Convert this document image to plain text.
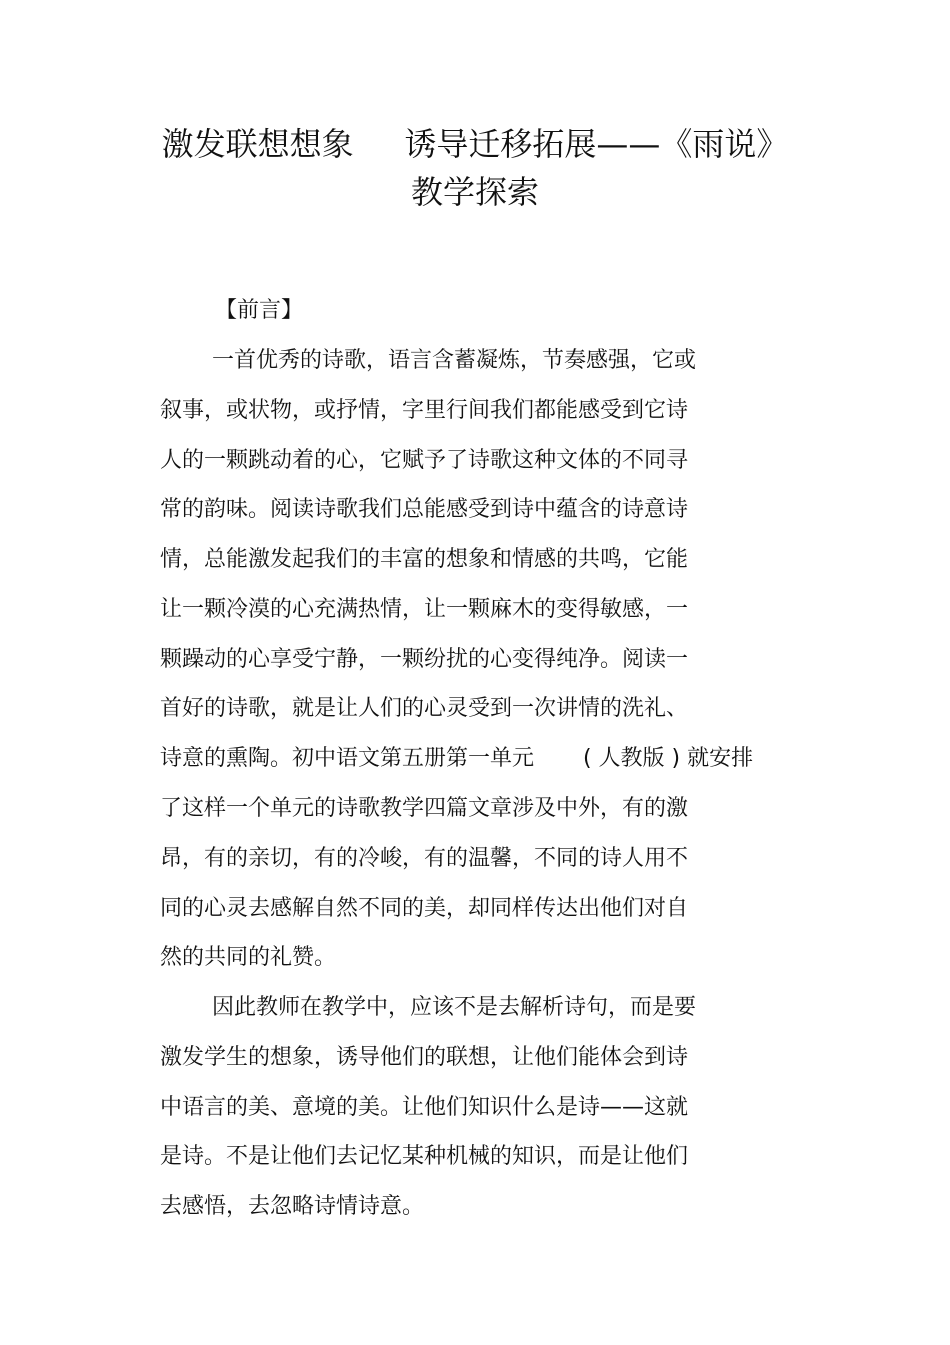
激发联想想象     诱导迁移拓展——《雨说》
教学探索
【前言】
一首优秀的诗歌，语言含蓄凝炼，节奏感强，它或
叙事，或状物，或抒情，字里行间我们都能感受到它诗
人的一颗跳动着的心，它赋予了诗歌这种文体的不同寻
常的韵味。阅读诗歌我们总能感受到诗中蕴含的诗意诗
情，总能激发起我们的丰富的想象和情感的共鸣，它能
让一颗冷漠的心充满热情，让一颗麻木的变得敏感，一
颗躁动的心享受宁静，一颗纷扰的心变得纯净。阅读一
首好的诗歌，就是让人们的心灵受到一次讲情的洗礼、
诗意的熏陶。初中语文第五册第一单元       ( 人教版 ) 就安排
了这样一个单元的诗歌教学四篇文章涉及中外，有的激
昂，有的亲切，有的冷峻，有的温馨，不同的诗人用不
同的心灵去感解自然不同的美，却同样传达出他们对自
然的共同的礼赞。
因此教师在教学中，应该不是去解析诗句，而是要
激发学生的想象，诱导他们的联想，让他们能体会到诗
中语言的美、意境的美。让他们知识什么是诗——这就
是诗。不是让他们去记忆某种机械的知识，而是让他们
去感悟，去忽略诗情诗意。
